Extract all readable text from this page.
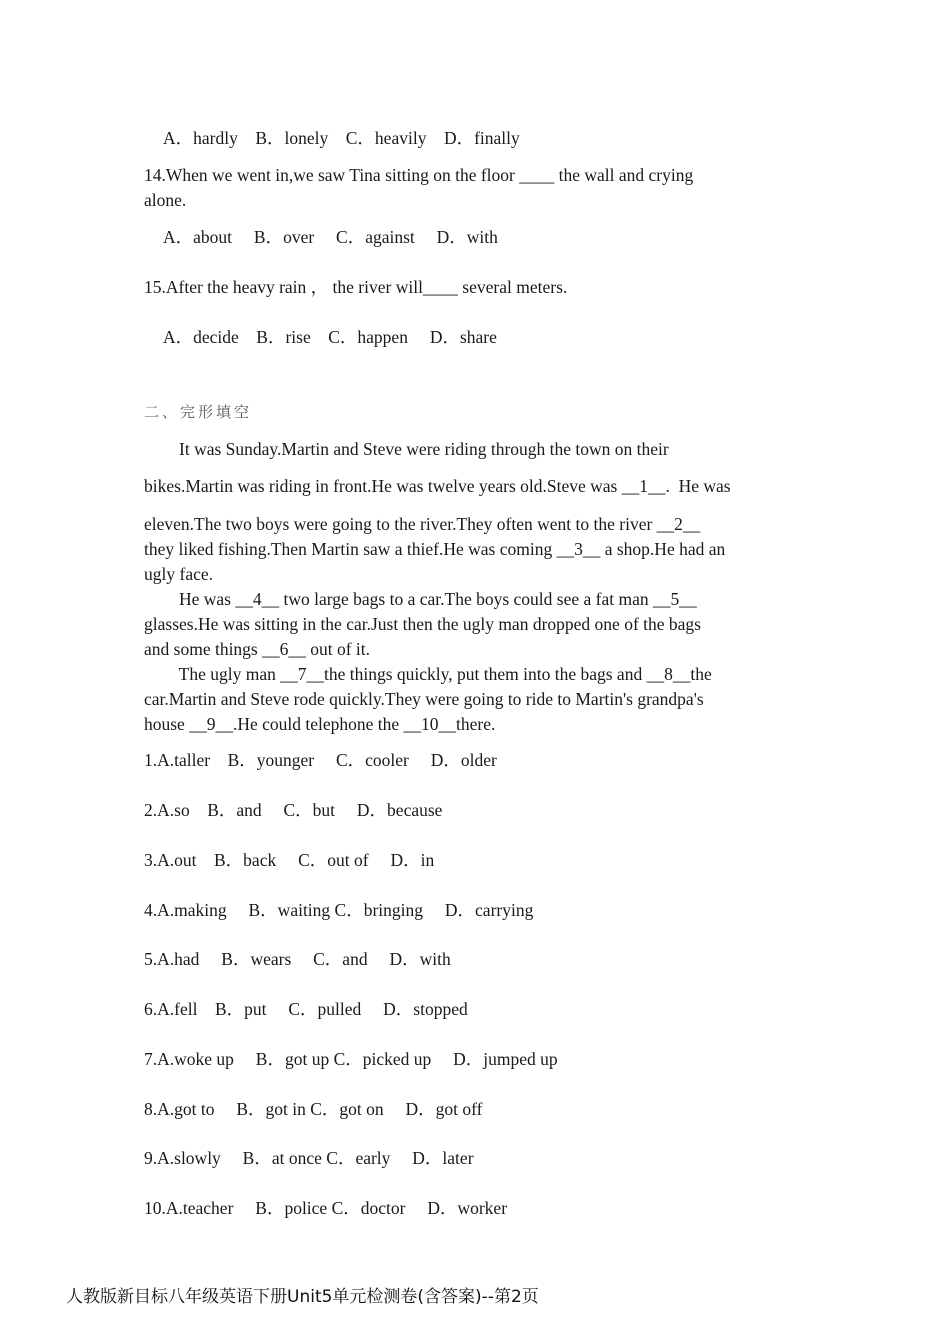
A．hardly    B．lonely    C．heavily    D．finally
14.When we went in,we saw Tina sitting on the floor ____ the wall and crying
alone.
A．about     B．over     C．against     D．with
15.After the heavy rain ， the river will____ several meters.
A．decide    B．rise    C．happen     D．share
二、完形填空
It was Sunday.Martin and Steve were riding through the town on their
bikes.Martin was riding in front.He was twelve years old.Steve was __1__.  He was
eleven.The two boys were going to the river.They often went to the river __2__
they liked fishing.Then Martin saw a thief.He was coming __3__ a shop.He had an
ugly face.
He was __4__ two large bags to a car.The boys could see a fat man __5__
glasses.He was sitting in the car.Just then the ugly man dropped one of the bags
and some things __6__ out of it.
The ugly man __7__the things quickly, put them into the bags and __8__the
car.Martin and Steve rode quickly.They were going to ride to Martin's grandpa's
house __9__.He could telephone the __10__there.
1.A.taller    B．younger     C．cooler     D．older
2.A.so    B．and     C．but     D．because
3.A.out    B．back     C．out of     D．in
4.A.making     B．waiting C．bringing     D．carrying
5.A.had     B．wears     C．and     D．with
6.A.fell    B．put     C．pulled     D．stopped
7.A.woke up     B．got up C．picked up     D．jumped up
8.A.got to     B．got in C．got on     D．got off
9.A.slowly     B．at once C．early     D．later
10.A.teacher     B．police C．doctor     D．worker
人教版新目标八年级英语下册Unit5单元检测卷(含答案)--第2页
